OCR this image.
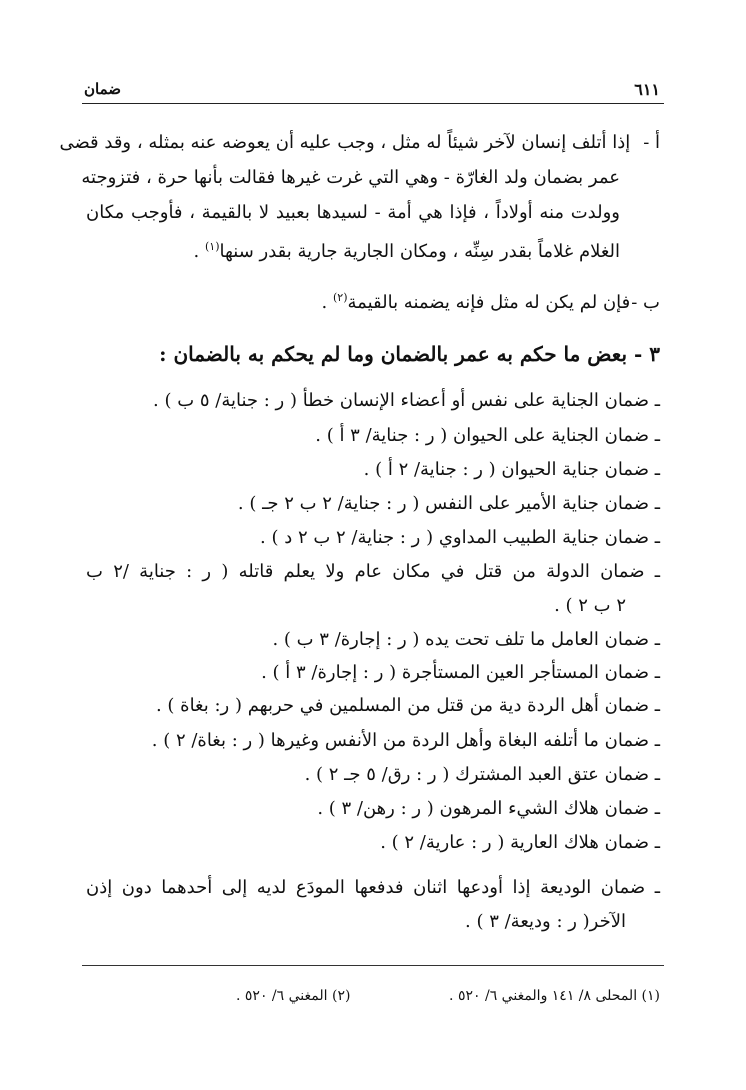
٦١١
ضمان
أ - إذا أتلف إنسان لآخر شيئاً له مثل ، وجب عليه أن يعوضه عنه بمثله ، وقد قضى
عمر بضمان ولد الغارّة - وهي التي غرت غيرها فقالت بأنها حرة ، فتزوجته
وولدت منه أولاداً ، فإذا هي أمة - لسيدها بعبيد لا بالقيمة ، فأوجب مكان
الغلام غلاماً بقدر سِنِّه ، ومكان الجارية جارية بقدر سنها$^{(١)}$ .
ب - فإن لم يكن له مثل فإنه يضمنه بالقيمة$^{(٢)}$ .
٣ - بعض ما حكم به عمر بالضمان وما لم يحكم به بالضمان :
ـ ضمان الجناية على نفس أو أعضاء الإنسان خطأ ( ر : جناية/ ٥ ب ) .
ـ ضمان الجناية على الحيوان ( ر : جناية/ ٣ أ ) .
ـ ضمان جناية الحيوان ( ر : جناية/ ٢ أ ) .
ـ ضمان جناية الأمير على النفس ( ر : جناية/ ٢ ب ٢ جـ ) .
ـ ضمان جناية الطبيب المداوي ( ر : جناية/ ٢ ب ٢ د ) .
ـ ضمان الدولة من قتل في مكان عام ولا يعلم قاتله ( ر : جناية /٢ ب
٢ ب ٢ ) .
ـ ضمان العامل ما تلف تحت يده ( ر : إجارة/ ٣ ب ) .
ـ ضمان المستأجر العين المستأجرة ( ر : إجارة/ ٣ أ ) .
ـ ضمان أهل الردة دية من قتل من المسلمين في حربهم ( ر: بغاة ) .
ـ ضمان ما أتلفه البغاة وأهل الردة من الأنفس وغيرها ( ر : بغاة/ ٢ ) .
ـ ضمان عتق العبد المشترك ( ر : رق/ ٥ جـ ٢ ) .
ـ ضمان هلاك الشيء المرهون ( ر : رهن/ ٣ ) .
ـ ضمان هلاك العارية ( ر : عارية/ ٢ ) .
ـ ضمان الوديعة إذا أودعها اثنان فدفعها المودَع لديه إلى أحدهما دون إذن
الآخر( ر : وديعة/ ٣ ) .
(١) المحلى ٨/ ١٤١ والمغني ٦/ ٥٢٠ .
(٢) المغني ٦/ ٥٢٠ .
